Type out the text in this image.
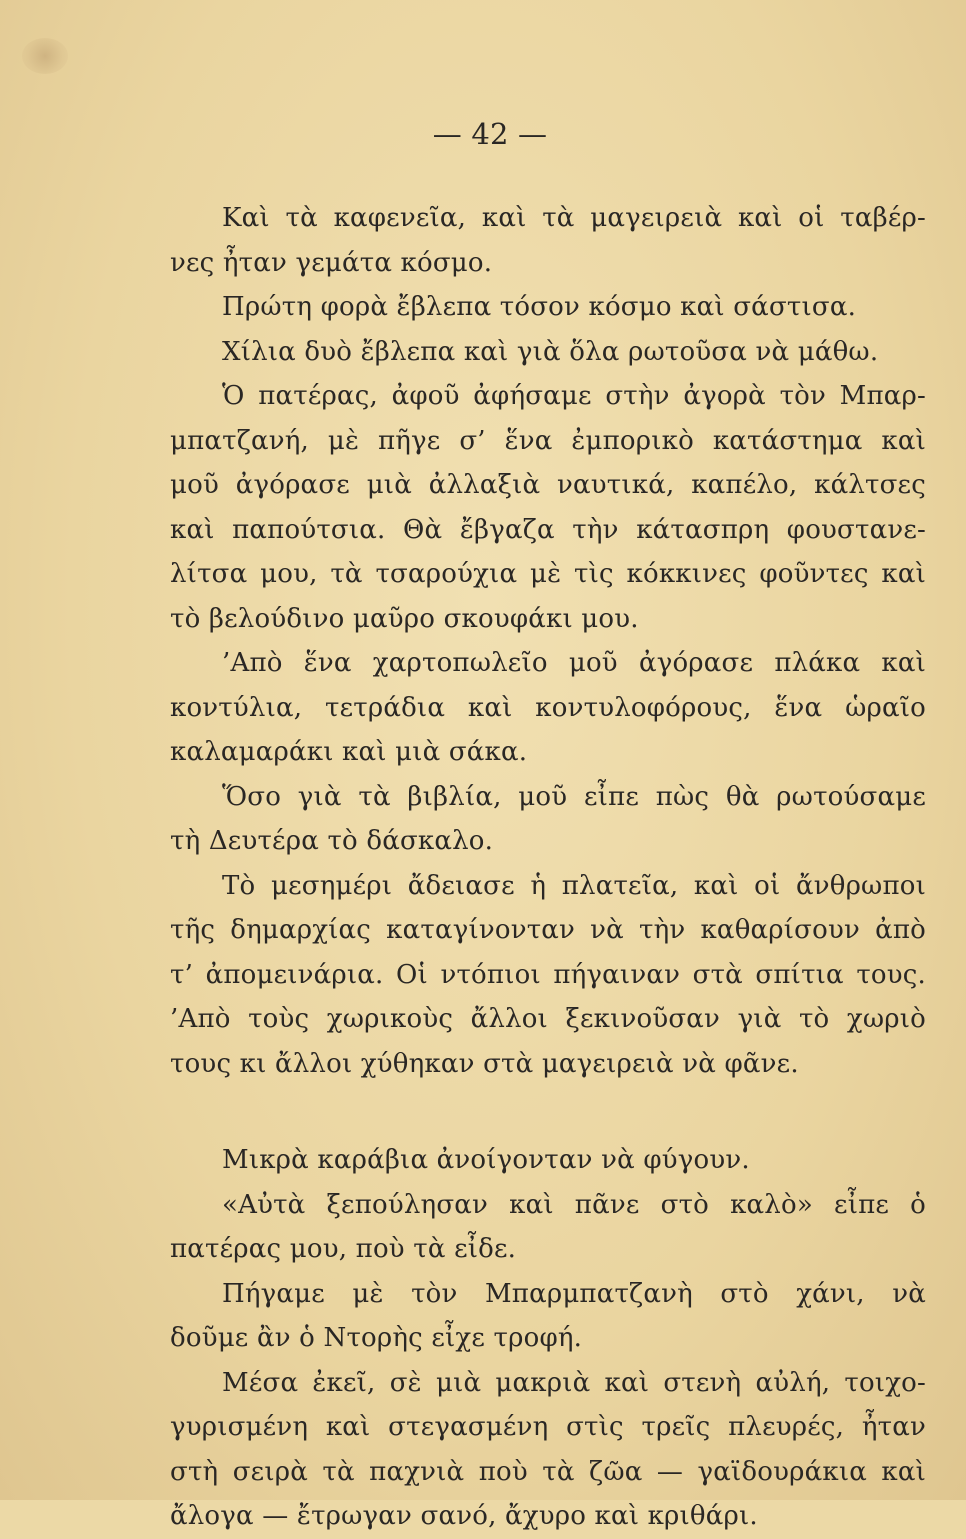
— 42 —
Καὶ τὰ καφενεῖα, καὶ τὰ μαγειρειὰ καὶ οἱ ταβέρ-
νες ἦταν γεμάτα κόσμο.
Πρώτη φορὰ ἔβλεπα τόσον κόσμο καὶ σάστισα.
Χίλια δυὸ ἔβλεπα καὶ γιὰ ὅλα ρωτοῦσα νὰ μάθω.
Ὁ πατέρας, ἀφοῦ ἀφήσαμε στὴν ἀγορὰ τὸν Μπαρ-
μπατζανή, μὲ πῆγε σ’ ἕνα ἐμπορικὸ κατάστημα καὶ
μοῦ ἀγόρασε μιὰ ἀλλαξιὰ ναυτικά, καπέλο, κάλτσες
καὶ παπούτσια. Θὰ ἔβγαζα τὴν κάτασπρη φουστανε-
λίτσα μου, τὰ τσαρούχια μὲ τὶς κόκκινες φοῦντες καὶ
τὸ βελούδινο μαῦρο σκουφάκι μου.
’Απὸ ἕνα χαρτοπωλεῖο μοῦ ἀγόρασε πλάκα καὶ
κοντύλια, τετράδια καὶ κοντυλοφόρους, ἕνα ὡραῖο
καλαμαράκι καὶ μιὰ σάκα.
Ὅσο γιὰ τὰ βιβλία, μοῦ εἶπε πὼς θὰ ρωτούσαμε
τὴ Δευτέρα τὸ δάσκαλο.
Τὸ μεσημέρι ἄδειασε ἡ πλατεῖα, καὶ οἱ ἄνθρωποι
τῆς δημαρχίας καταγίνονταν νὰ τὴν καθαρίσουν ἀπὸ
τ’ ἀπομεινάρια. Οἱ ντόπιοι πήγαιναν στὰ σπίτια τους.
’Απὸ τοὺς χωρικοὺς ἄλλοι ξεκινοῦσαν γιὰ τὸ χωριὸ
τους κι ἄλλοι χύθηκαν στὰ μαγειρειὰ νὰ φᾶνε.
Μικρὰ καράβια ἀνοίγονταν νὰ φύγουν.
«Αὐτὰ ξεπούλησαν καὶ πᾶνε στὸ καλὸ» εἶπε ὁ
πατέρας μου, ποὺ τὰ εἶδε.
Πήγαμε μὲ τὸν Μπαρμπατζανὴ στὸ χάνι, νὰ
δοῦμε ἂν ὁ Ντορὴς εἶχε τροφή.
Μέσα ἐκεῖ, σὲ μιὰ μακριὰ καὶ στενὴ αὐλή, τοιχο-
γυρισμένη καὶ στεγασμένη στὶς τρεῖς πλευρές, ἦταν
στὴ σειρὰ τὰ παχνιὰ ποὺ τὰ ζῶα — γαϊδουράκια καὶ
ἄλογα — ἔτρωγαν σανό, ἄχυρο καὶ κριθάρι.
